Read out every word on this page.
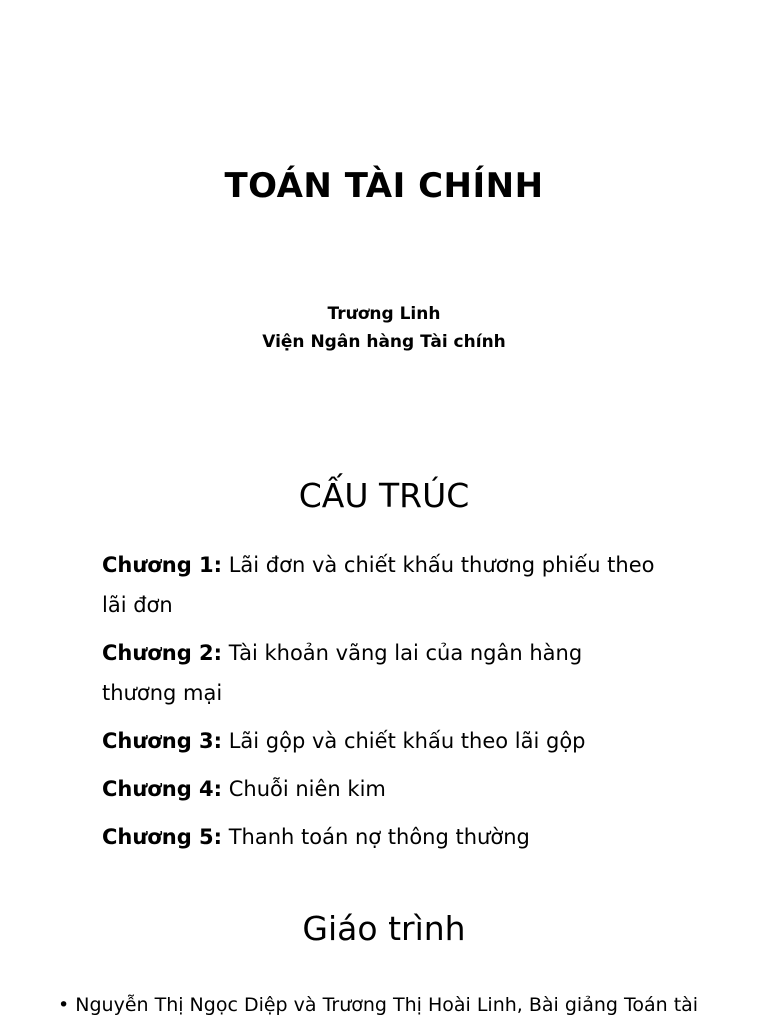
TOÁN TÀI CHÍNH
Trương Linh
Viện Ngân hàng Tài chính
CẤU TRÚC
Chương 1: Lãi đơn và chiết khấu thương phiếu theo lãi đơn
Chương 2: Tài khoản vãng lai của ngân hàng thương mại
Chương 3: Lãi gộp và chiết khấu theo lãi gộp
Chương 4: Chuỗi niên kim
Chương 5: Thanh toán nợ thông thường
Giáo trình
• Nguyễn Thị Ngọc Diệp và Trương Thị Hoài Linh, Bài giảng Toán tài
